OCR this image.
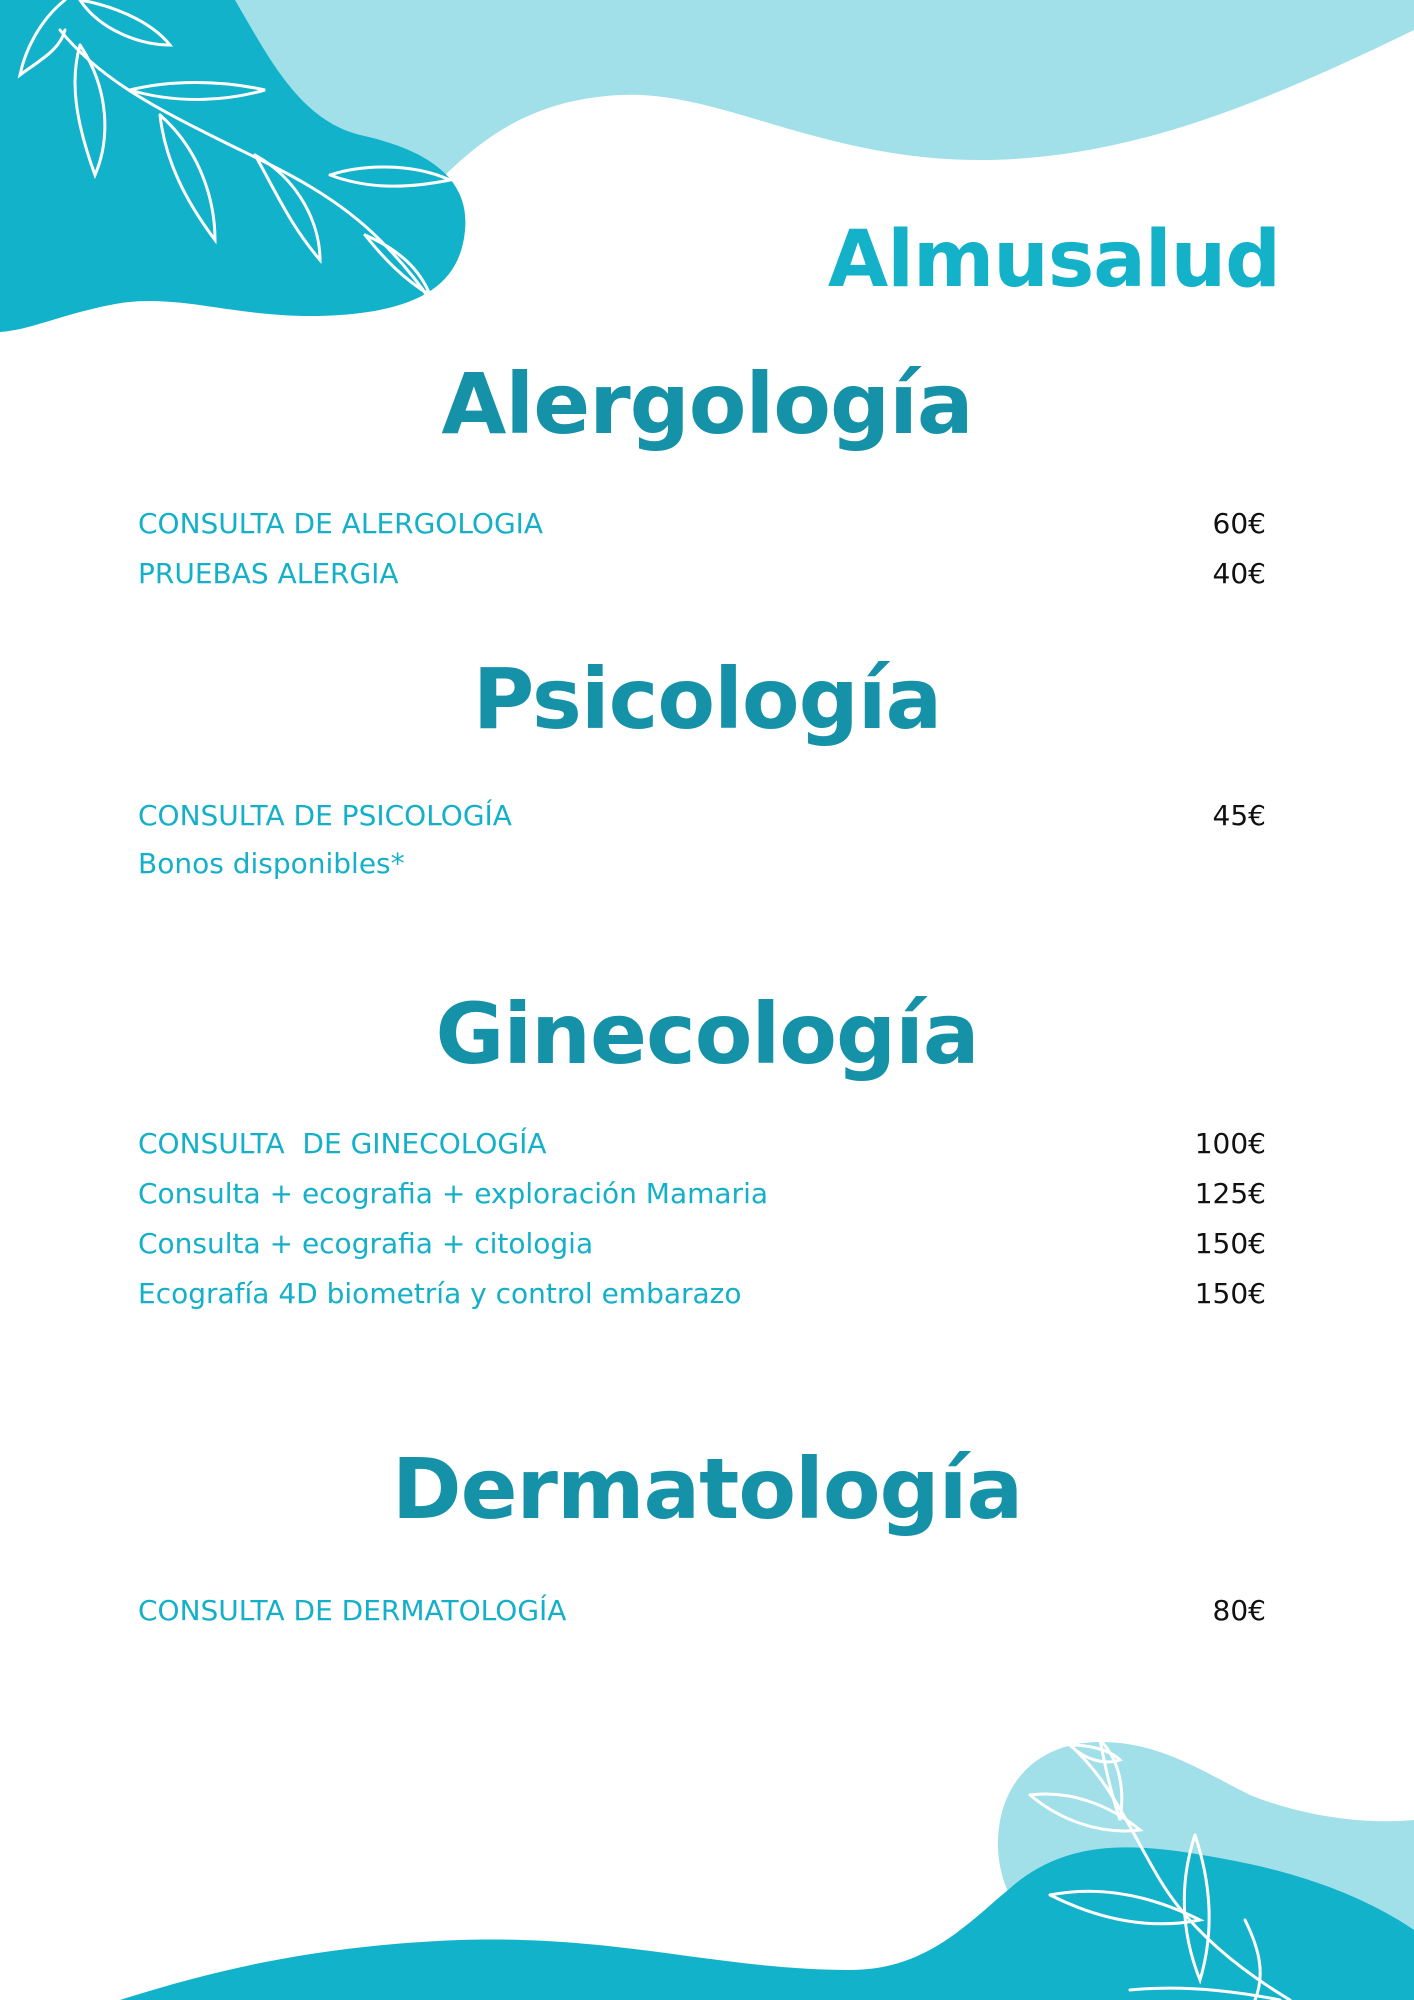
Almusalud
Alergología
CONSULTA DE ALERGOLOGIA	60€
PRUEBAS ALERGIA	40€
Psicología
CONSULTA DE PSICOLOGÍA	45€
Bonos disponibles*
Ginecología
CONSULTA  DE GINECOLOGÍA	100€
Consulta + ecografia + exploración Mamaria	125€
Consulta + ecografia + citologia	150€
Ecografía 4D biometría y control embarazo	150€
Dermatología
CONSULTA DE DERMATOLOGÍA	80€
